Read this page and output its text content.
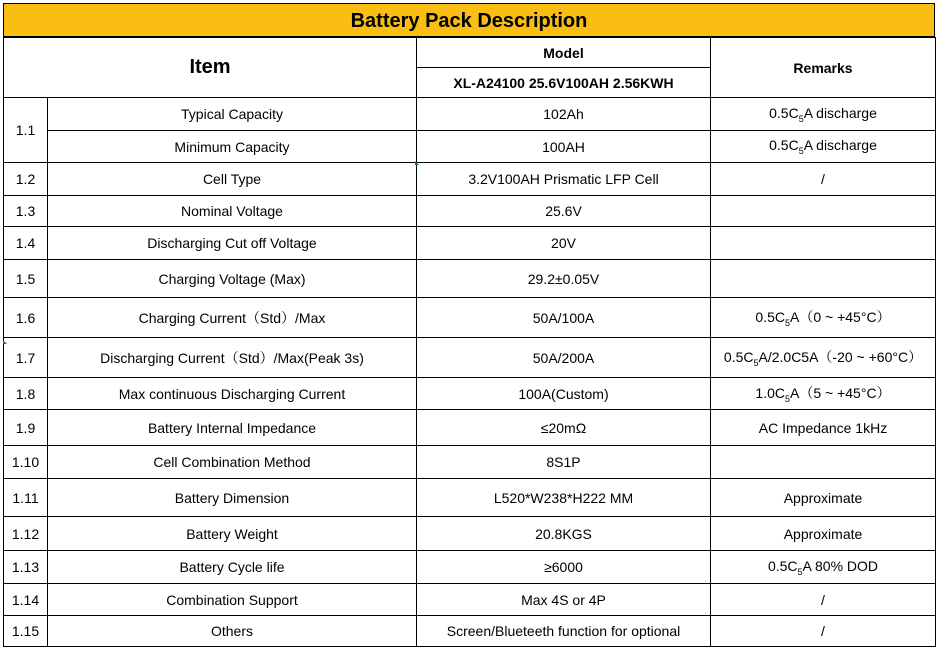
Battery Pack Description
Item		Model	Remarks
		XL-A24100 25.6V100AH 2.56KWH	
1.1	Typical Capacity	102Ah	$0.5C_5A$ discharge
	Minimum Capacity	100AH	$0.5C_5A$ discharge
1.2	Cell Type	3.2V100AH Prismatic LFP Cell	/
1.3	Nominal Voltage	25.6V	
1.4	Discharging Cut off Voltage	20V	
1.5	Charging Voltage (Max)	29.2±0.05V	
1.6	Charging Current（Std）/Max	50A/100A	$0.5C_5A(0$ ~ +45°C）
1.7	Discharging Current（Std）/Max(Peak 3s)	50A/200A	$0.5C_5A/2.0C5A(-20$ ~ +60°C）
1.8	Max continuous Discharging Current	100A(Custom)	$1.0C_5A(5$ ~ +45°C）
1.9	Battery Internal Impedance	≤20mΩ	AC Impedance 1kHz
1.10	Cell Combination Method	8S1P	
1.11	Battery Dimension	L520*W238*H222 MM	Approximate
1.12	Battery Weight	20.8KGS	Approximate
1.13	Battery Cycle life	≥6000	$0.5C_5A$ 80% DOD
1.14	Combination Support	Max 4S or 4P	/
1.15	Others	Screen/Blueteeth function for optional	/
